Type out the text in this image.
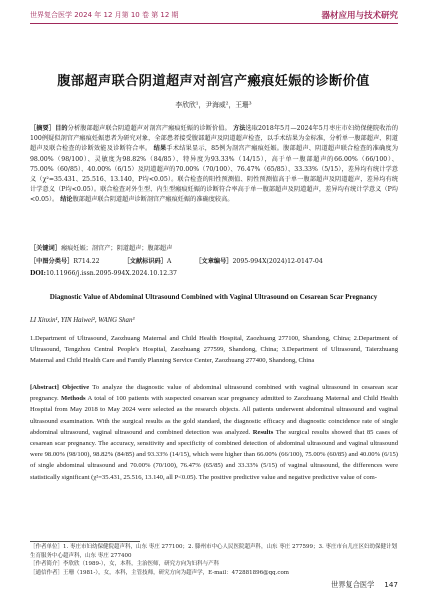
世界复合医学 2024 年 12 月第 10 卷 第 12 期	器材应用与技术研究
腹部超声联合阴道超声对剖宫产瘢痕妊娠的诊断价值
李欣欣¹，尹海威²，王珊³
［摘要］目的分析腹部超声联合阴道超声对剖宫产瘢痕妊娠的诊断价值。 方法选取2018年5月—2024年5月枣庄市妇幼保健院收治的100例疑似剖宫产瘢痕妊娠患者为研究对象，全部患者接受腹部超声及阴道超声检查，以手术结果为金标准，分析单一腹部超声、阴道超声及联合检查的诊断效能及诊断符合率。 结果手术结果显示，85例为剖宫产瘢痕妊娠。腹部超声、阴道超声联合检查的准确度为98.00%（98/100）、灵敏度为98.82%（84/85）、特异度为93.33%（14/15），高于单一腹部超声的66.00%（66/100）、75.00%（60/85）、40.00%（6/15）及阴道超声的70.00%（70/100）、76.47%（65/85）、33.33%（5/15），差异均有统计学意义（χ²=35.431、25.516、13.140，P均<0.05）。联合检查的阳性预测值、阴性预测值高于单一腹部超声及阴道超声，差异均有统计学意义（P均<0.05）。联合检查对外生型、内生型瘢痕妊娠的诊断符合率高于单一腹部超声及阴道超声，差异均有统计学意义（P均<0.05）。 结论腹部超声联合阴道超声诊断剖宫产瘢痕妊娠的准确度较高。
［关键词］瘢痕妊娠；剖宫产；阴道超声；腹部超声
［中图分类号］R714.22	［文献标识码］A	［文章编号］2095-994X(2024)12-0147-04
DOI:10.11966/j.issn.2095-994X.2024.10.12.37
Diagnostic Value of Abdominal Ultrasound Combined with Vaginal Ultrasound on Cesarean Scar Pregnancy
LI Xinxin¹, YIN Haiwei², WANG Shan³
1.Department of Ultrasound, Zaozhuang Maternal and Child Health Hospital, Zaozhuang 277100, Shandong, China; 2.Department of Ultrasound, Tengzhou Central People's Hospital, Zaozhuang 277599, Shandong, China; 3.Department of Ultrasound, Taierzhuang Maternal and Child Health Care and Family Planning Service Center, Zaozhuang 277400, Shandong, China
[Abstract] Objective To analyze the diagnostic value of abdominal ultrasound combined with vaginal ultrasound in cesarean scar pregnancy. Methods A total of 100 patients with suspected cesarean scar pregnancy admitted to Zaozhuang Maternal and Child Health Hospital from May 2018 to May 2024 were selected as the research objects. All patients underwent abdominal ultrasound and vaginal ultrasound examination. With the surgical results as the gold standard, the diagnostic efficacy and diagnostic coincidence rate of single abdominal ultrasound, vaginal ultrasound and combined detection was analyzed. Results The surgical results showed that 85 cases of cesarean scar pregnancy. The accuracy, sensitivity and specificity of combined detection of abdominal ultrasound and vaginal ultrasound were 98.00% (98/100), 98.82% (84/85) and 93.33% (14/15), which were higher than 66.00% (66/100), 75.00% (60/85) and 40.00% (6/15) of single abdominal ultrasound and 70.00% (70/100), 76.47% (65/85) and 33.33% (5/15) of vaginal ultrasound, the differences were statistically significant (χ²=35.431, 25.516, 13.140, all P<0.05). The positive predictive value and negative predictive value of com-
［作者单位］1. 枣庄市妇幼保健院超声科，山东 枣庄 277100；2. 滕州市中心人民医院超声科，山东 枣庄 277599；3. 枣庄市台儿庄区妇幼保健计划生育服务中心超声科，山东 枣庄 277400
［作者简介］李欣欣（1989-），女，本科，主治医师，研究方向为妇科与产科
［通信作者］王珊（1981-），女，本科，主管技师，研究方向为超声学，E-mail：472881896@qq.com
世界复合医学 147
